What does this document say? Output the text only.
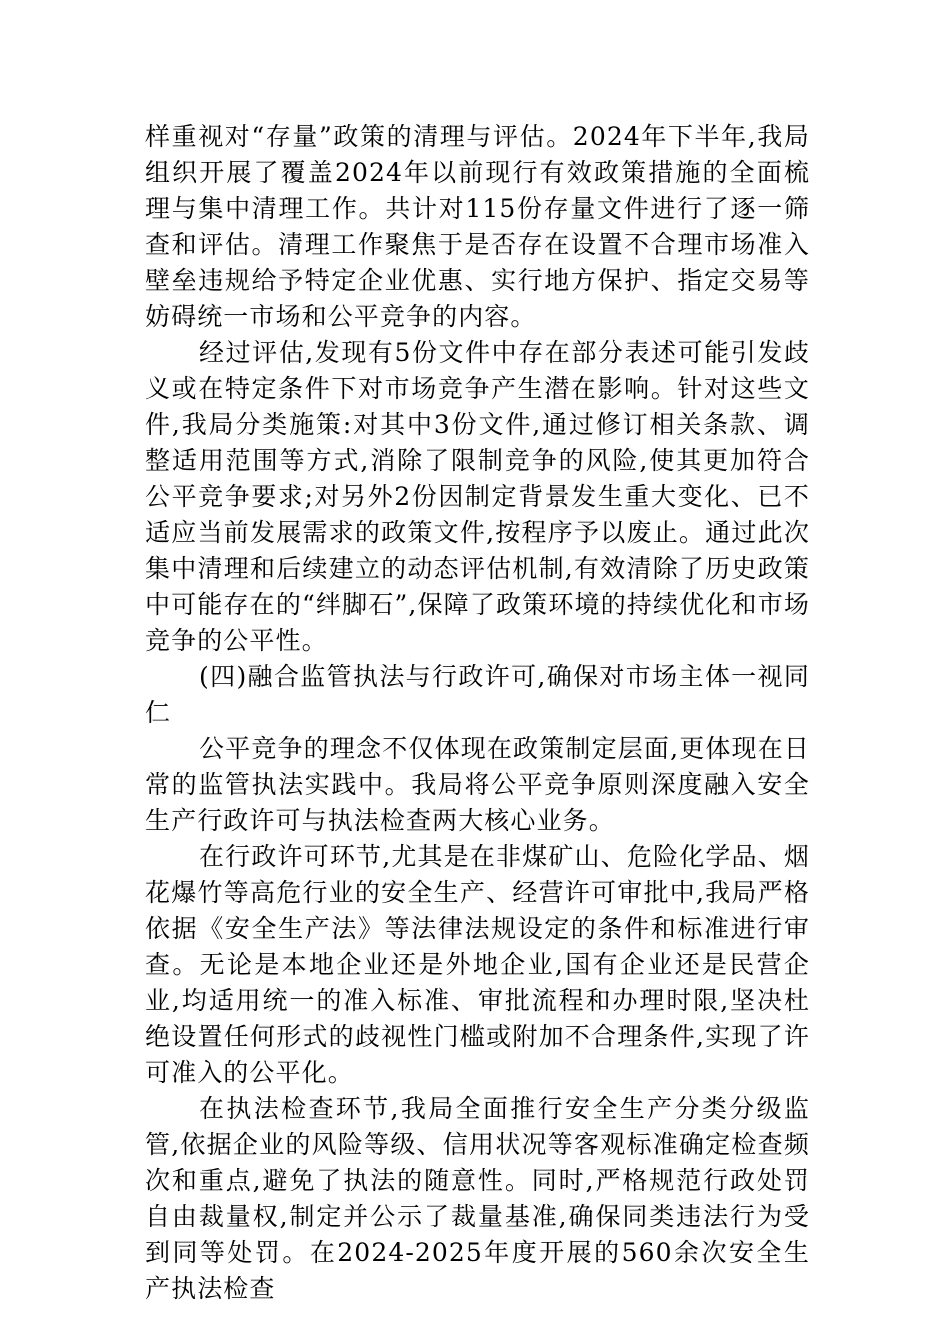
样重视对“存量”政策的清理与评估。2024年下半年,我局组织开展了覆盖2024年以前现行有效政策措施的全面梳理与集中清理工作。共计对115份存量文件进行了逐一筛查和评估。清理工作聚焦于是否存在设置不合理市场准入壁垒违规给予特定企业优惠、实行地方保护、指定交易等妨碍统一市场和公平竞争的内容。

经过评估,发现有5份文件中存在部分表述可能引发歧义或在特定条件下对市场竞争产生潜在影响。针对这些文件,我局分类施策:对其中3份文件,通过修订相关条款、调整适用范围等方式,消除了限制竞争的风险,使其更加符合公平竞争要求;对另外2份因制定背景发生重大变化、已不适应当前发展需求的政策文件,按程序予以废止。通过此次集中清理和后续建立的动态评估机制,有效清除了历史政策中可能存在的“绊脚石”,保障了政策环境的持续优化和市场竞争的公平性。

(四)融合监管执法与行政许可,确保对市场主体一视同仁

公平竞争的理念不仅体现在政策制定层面,更体现在日常的监管执法实践中。我局将公平竞争原则深度融入安全生产行政许可与执法检查两大核心业务。

在行政许可环节,尤其是在非煤矿山、危险化学品、烟花爆竹等高危行业的安全生产、经营许可审批中,我局严格依据《安全生产法》等法律法规设定的条件和标准进行审查。无论是本地企业还是外地企业,国有企业还是民营企业,均适用统一的准入标准、审批流程和办理时限,坚决杜绝设置任何形式的歧视性门槛或附加不合理条件,实现了许可准入的公平化。

在执法检查环节,我局全面推行安全生产分类分级监管,依据企业的风险等级、信用状况等客观标准确定检查频次和重点,避免了执法的随意性。同时,严格规范行政处罚自由裁量权,制定并公示了裁量基准,确保同类违法行为受到同等处罚。在2024-2025年度开展的560余次安全生产执法检查
